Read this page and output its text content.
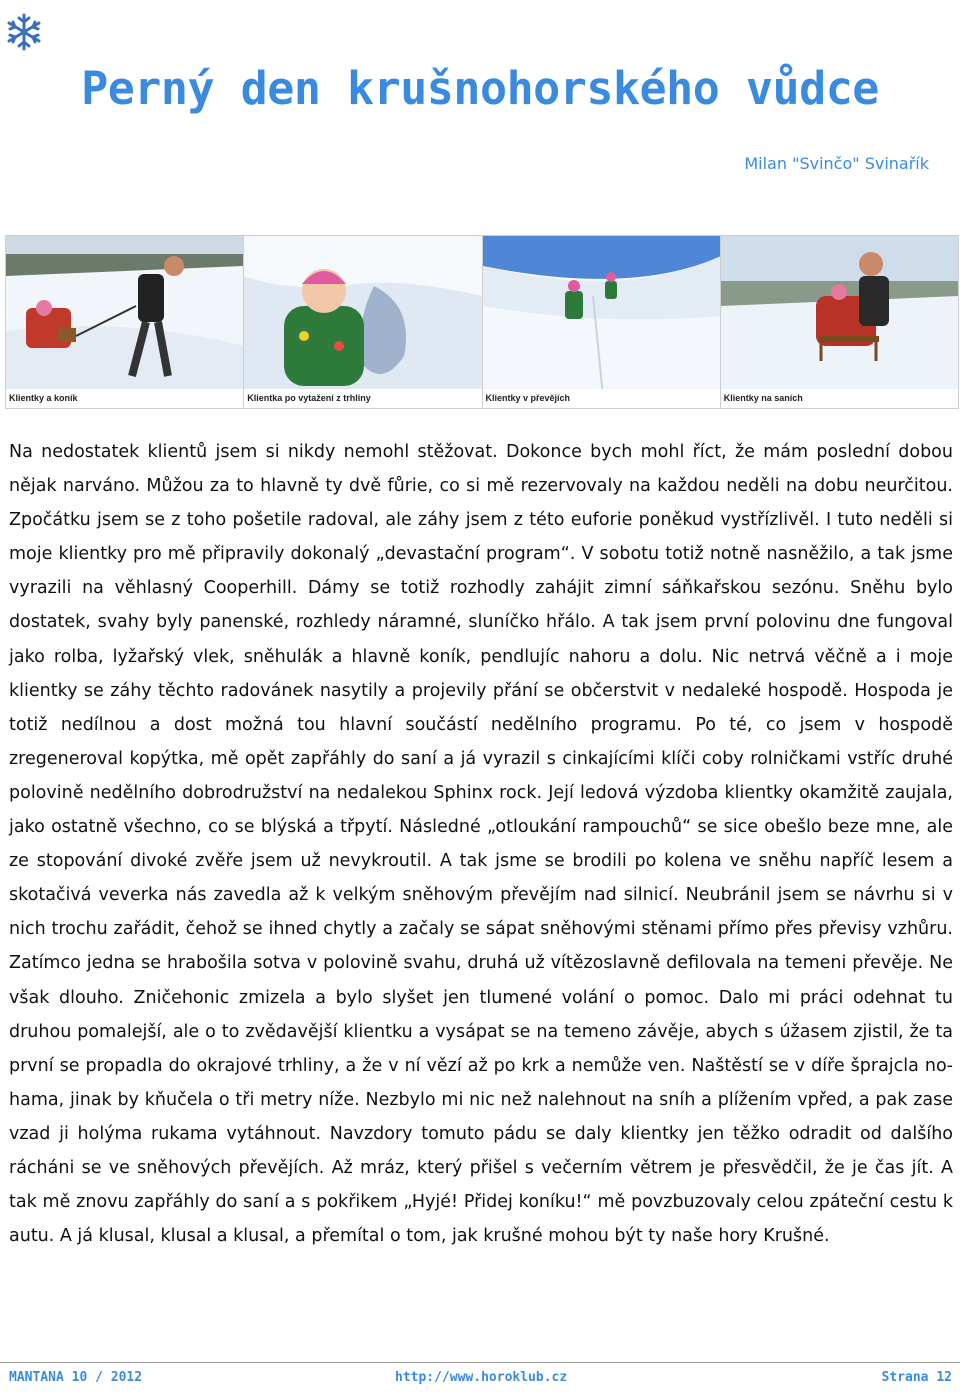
Perný den krušnohorského vůdce
Milan "Svinčo" Svinařík
Klientky a koník	Klientka po vytažení z trhliny	Klientky v převějích	Klientky na saních
Na nedostatek klientů jsem si nikdy nemohl stěžovat. Dokonce bych mohl říct, že mám poslední dobou nějak narváno. Můžou za to hlavně ty dvě fůrie, co si mě rezervovaly na každou neděli na dobu neurčitou. Zpočátku jsem se z toho pošetile radoval, ale záhy jsem z této euforie poněkud vystřízlivěl. I tuto neděli si moje klientky pro mě připravily dokonalý „devastační program“. V sobotu totiž notně nasněžilo, a tak jsme vyrazili na věhlasný Cooperhill. Dámy se totiž rozhodly zahájit zimní sáňkařskou sezónu. Sněhu bylo dostatek, svahy byly panenské, rozhledy náramné, sluníčko hřálo. A tak jsem první polovinu dne fungoval jako rolba, lyžařský vlek, sněhulák a hlavně koník, pendlujíc nahoru a dolu. Nic netrvá věčně a i moje klientky se záhy těchto radovánek nasytily a projevily přání se občerstvit v nedaleké hospodě. Hospoda je totiž nedílnou a dost možná tou hlavní součástí nedělního programu. Po té, co jsem v hospodě zregeneroval kopýtka, mě opět zapřáhly do saní a já vyrazil s cinkajícími klíči coby rolničkami vstříc druhé polovině nedělního dobrodružství na nedalekou Sphinx rock. Její ledová výzdoba klientky okamžitě zaujala, jako ostatně všechno, co se blýská a třpytí. Následné „otloukání rampouchů“ se sice obešlo beze mne, ale ze stopování divoké zvěře jsem už nevykroutil. A tak jsme se brodili po kolena ve sněhu napříč lesem a skotačivá veverka nás zavedla až k velkým sněhovým převějím nad silnicí. Neubránil jsem se návrhu si v nich trochu zařádit, čehož se ihned chytly a začaly se sápat sněhovými stěnami přímo přes převisy vzhůru. Zatímco jedna se hrabošila sotva v polovině svahu, druhá už vítězoslavně defilovala na temeni převěje. Ne však dlouho. Zničehonic zmizela a bylo slyšet jen tlumené volání o pomoc. Dalo mi práci odehnat tu druhou pomalejší, ale o to zvědavější klientku a vysápat se na temeno závěje, abych s úžasem zjistil, že ta první se propadla do okrajové trhliny, a že v ní vězí až po krk a nemůže ven. Naštěstí se v díře šprajcla nohama, jinak by kňučela o tři metry níže. Nezbylo mi nic než nalehnout na sníh a plížením vpřed, a pak zase vzad ji holýma rukama vytáhnout. Navzdory tomuto pádu se daly klientky jen těžko odradit od dalšího rácháni se ve sněhových převějích. Až mráz, který přišel s večerním větrem je přesvědčil, že je čas jít. A tak mě znovu zapřáhly do saní a s pokřikem „Hyjé! Přidej koníku!“ mě povzbuzovaly celou zpáteční cestu k autu. A já klusal, klusal a klusal, a přemítal o tom, jak krušné mohou být ty naše hory Krušné.
MANTANA 10 / 2012	http://www.horoklub.cz	Strana 12
